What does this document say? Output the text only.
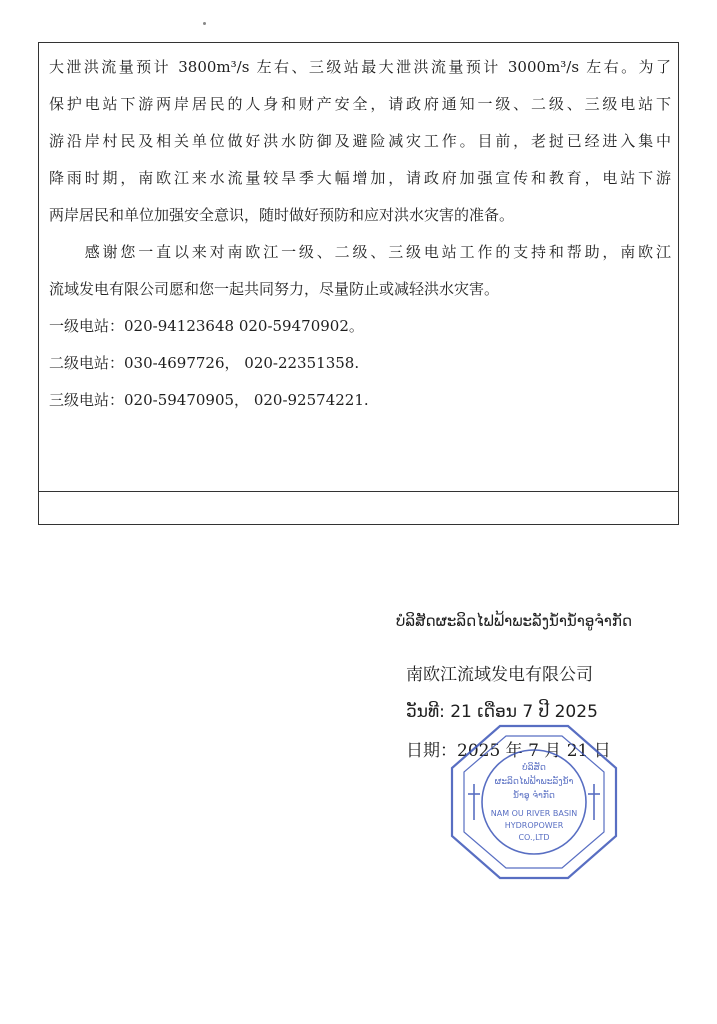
大泄洪流量预计 3800m³/s 左右、三级站最大泄洪流量预计 3000m³/s 左右。为了
保护电站下游两岸居民的人身和财产安全，请政府通知一级、二级、三级电站下
游沿岸村民及相关单位做好洪水防御及避险减灾工作。目前，老挝已经进入集中
降雨时期，南欧江来水流量较旱季大幅增加，请政府加强宣传和教育，电站下游
两岸居民和单位加强安全意识，随时做好预防和应对洪水灾害的准备。

　　感谢您一直以来对南欧江一级、二级、三级电站工作的支持和帮助，南欧江
流域发电有限公司愿和您一起共同努力，尽量防止或减轻洪水灾害。

一级电站：020-94123648 020-59470902。

二级电站：030-4697726， 020-22351358.

三级电站：020-59470905， 020-92574221.

ບໍລິສັດຜະລິດໄຟຟ້າພະລັງນ້ຳນ້ຳອູຈຳກັດ
南欧江流域发电有限公司
ວັນທີ: 21 ເດືອນ 7 ປີ 2025
日期：2025 年 7 月 21 日
ບໍລິສັດ
ຜະລິດໄຟຟ້າພະລັງນ້ຳ
ນ້ຳອູ ຈຳກັດ
NAM OU RIVER BASIN
HYDROPOWER
CO.,LTD
